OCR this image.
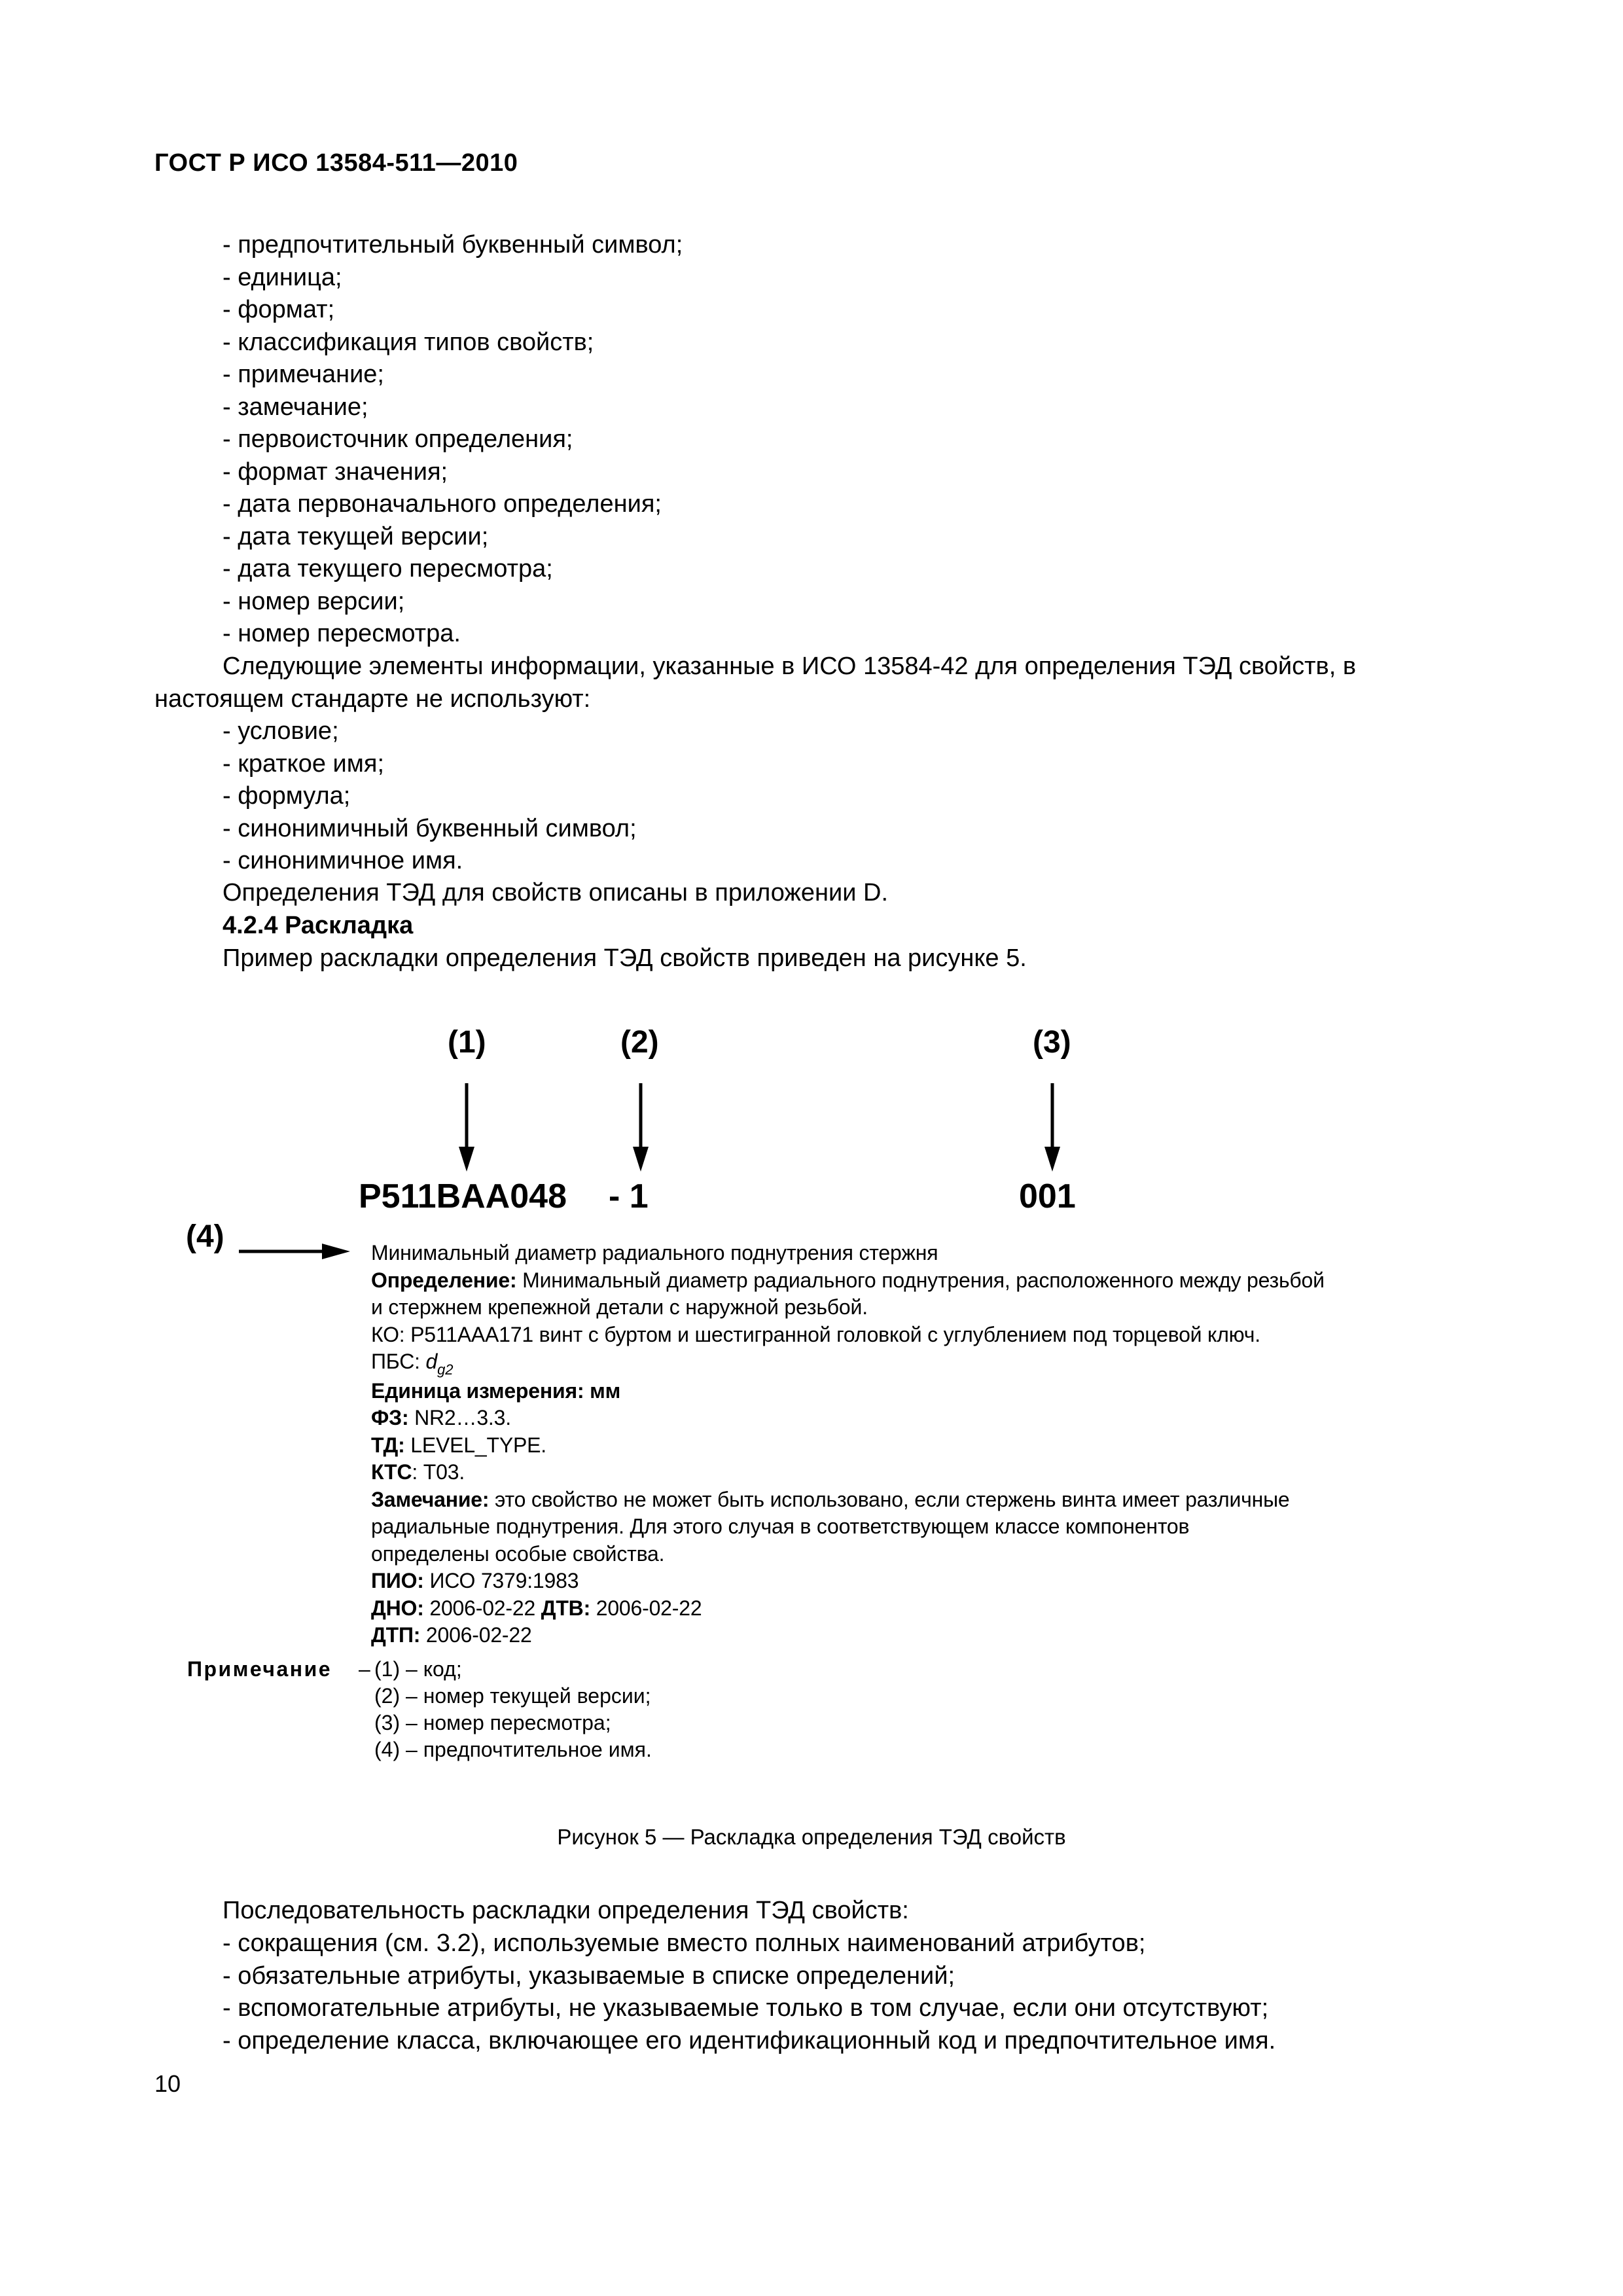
ГОСТ Р ИСО 13584-511—2010
- предпочтительный буквенный символ;
- единица;
- формат;
- классификация типов свойств;
- примечание;
- замечание;
- первоисточник определения;
- формат значения;
- дата первоначального определения;
- дата текущей версии;
- дата текущего пересмотра;
- номер версии;
- номер пересмотра.
Следующие элементы информации, указанные в ИСО 13584-42 для определения ТЭД свойств, в
настоящем стандарте не используют:
- условие;
- краткое имя;
- формула;
- синонимичный буквенный символ;
- синонимичное имя.
Определения ТЭД для свойств описаны в приложении D.
4.2.4 Раскладка
Пример раскладки определения ТЭД свойств приведен на рисунке 5.
(1)	(2)	(3)
(4)
P511BAA048 - 1	001
Минимальный диаметр радиального поднутрения стержня
Определение: Минимальный диаметр радиального поднутрения, расположенного между резьбой
и стержнем крепежной детали с наружной резьбой.
КО: P511AAA171 винт с буртом и шестигранной головкой с углублением под торцевой ключ.
ПБС: $d_{g2}$
Единица измерения: мм
ФЗ: NR2…3.3.
ТД: LEVEL_TYPE.
КТС: T03.
Замечание: это свойство не может быть использовано, если стержень винта имеет различные
радиальные поднутрения. Для этого случая в соответствующем классе компонентов
определены особые свойства.
ПИО: ИСО 7379:1983
ДНО: 2006-02-22 ДТВ: 2006-02-22
ДТП: 2006-02-22
Примечание – (1) – код;
(2) – номер текущей версии;
(3) – номер пересмотра;
(4) – предпочтительное имя.
Рисунок 5 — Раскладка определения ТЭД свойств
Последовательность раскладки определения ТЭД свойств:
- сокращения (см. 3.2), используемые вместо полных наименований атрибутов;
- обязательные атрибуты, указываемые в списке определений;
- вспомогательные атрибуты, не указываемые только в том случае, если они отсутствуют;
- определение класса, включающее его идентификационный код и предпочтительное имя.
10
